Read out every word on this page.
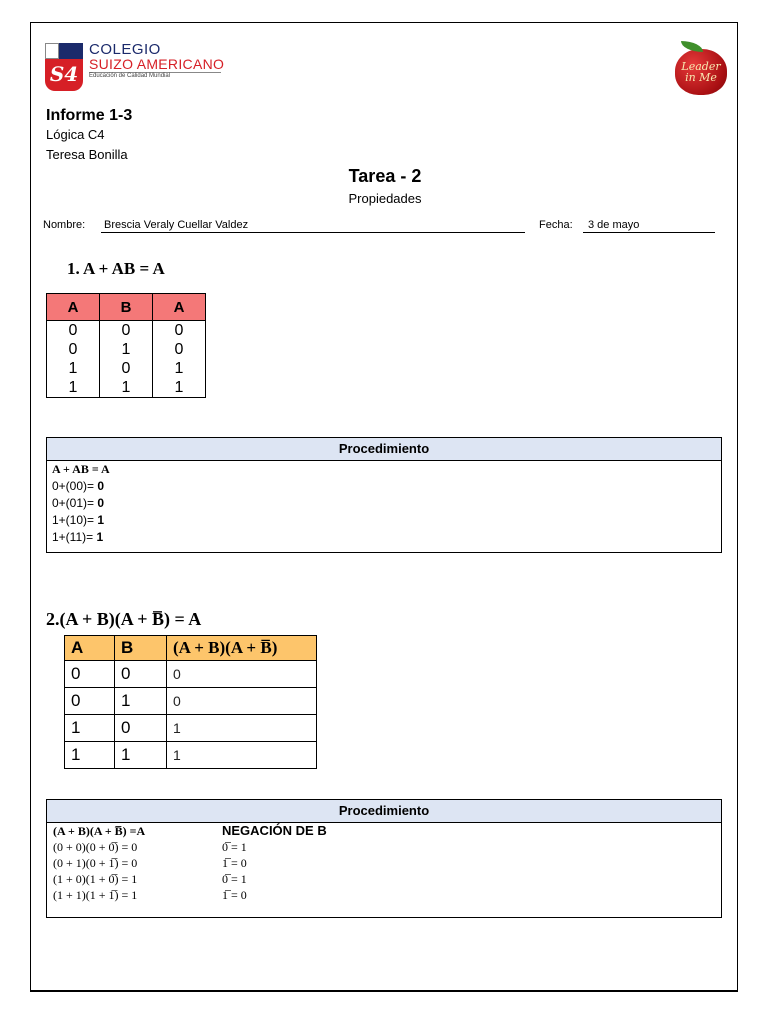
S4
COLEGIO
SUIZO AMERICANO
Educación de Calidad Mundial
Leader in Me
Informe 1-3
Lógica C4
Teresa Bonilla
Tarea - 2
Propiedades
Nombre: Brescia Veraly Cuellar Valdez	Fecha:	3 de mayo
1. A + AB = A
A	B	A
0	0	0
0	1	0
1	0	1
1	1	1
Procedimiento
A + AB = A
0+(00)= 0
0+(01)= 0
1+(10)= 1
1+(11)= 1
2.(A + B)(A + B̅) = A
A	B	(A + B)(A + B̅)
0	0	0
0	1	0
1	0	1
1	1	1
Procedimiento
(A + B)(A + B̅) =A	NEGACIÓN DE B
(0 + 0)(0 + 0̅) = 0	0̅ = 1
(0 + 1)(0 + 1̅) = 0	1̅ = 0
(1 + 0)(1 + 0̅) = 1	0̅ = 1
(1 + 1)(1 + 1̅) = 1	1̅ = 0
